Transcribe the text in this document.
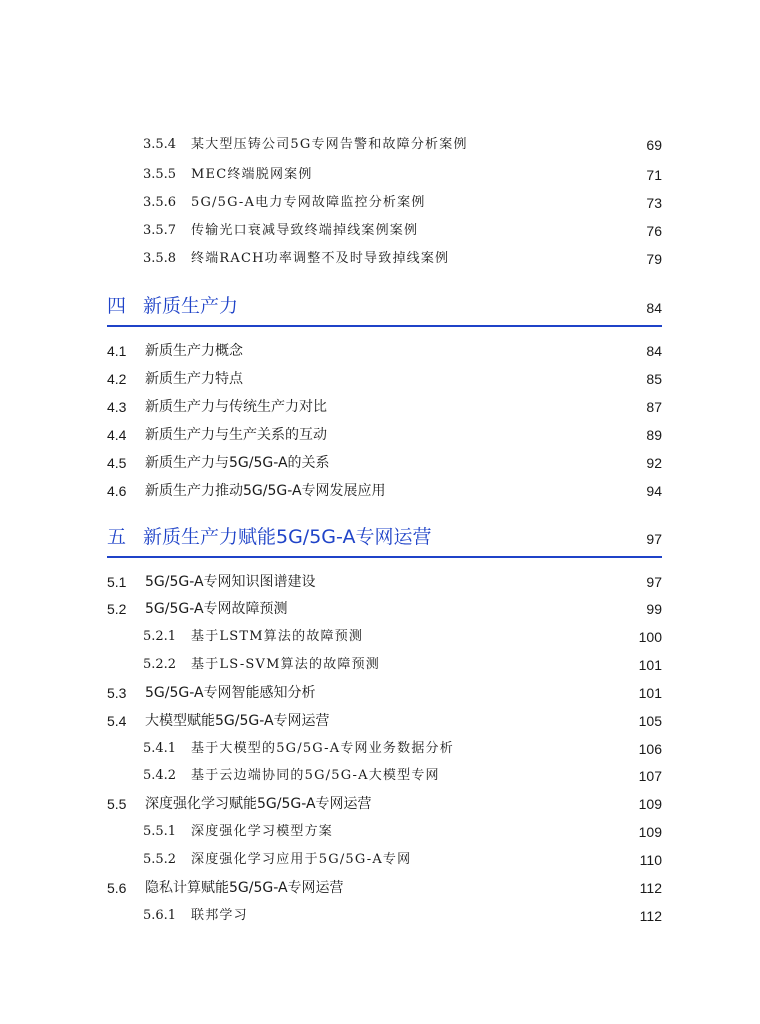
3.5.4 某大型压铸公司5G专网告警和故障分析案例	69
3.5.5 MEC终端脱网案例	71
3.5.6 5G/5G-A电力专网故障监控分析案例	73
3.5.7 传输光口衰减导致终端掉线案例案例	76
3.5.8 终端RACH功率调整不及时导致掉线案例	79
四 新质生产力	84
4.1 新质生产力概念	84
4.2 新质生产力特点	85
4.3 新质生产力与传统生产力对比	87
4.4 新质生产力与生产关系的互动	89
4.5 新质生产力与5G/5G-A的关系	92
4.6 新质生产力推动5G/5G-A专网发展应用	94
五 新质生产力赋能5G/5G-A专网运营	97
5.1 5G/5G-A专网知识图谱建设	97
5.2 5G/5G-A专网故障预测	99
5.2.1 基于LSTM算法的故障预测	100
5.2.2 基于LS-SVM算法的故障预测	101
5.3 5G/5G-A专网智能感知分析	101
5.4 大模型赋能5G/5G-A专网运营	105
5.4.1 基于大模型的5G/5G-A专网业务数据分析	106
5.4.2 基于云边端协同的5G/5G-A大模型专网	107
5.5 深度强化学习赋能5G/5G-A专网运营	109
5.5.1 深度强化学习模型方案	109
5.5.2 深度强化学习应用于5G/5G-A专网	110
5.6 隐私计算赋能5G/5G-A专网运营	112
5.6.1 联邦学习	112
